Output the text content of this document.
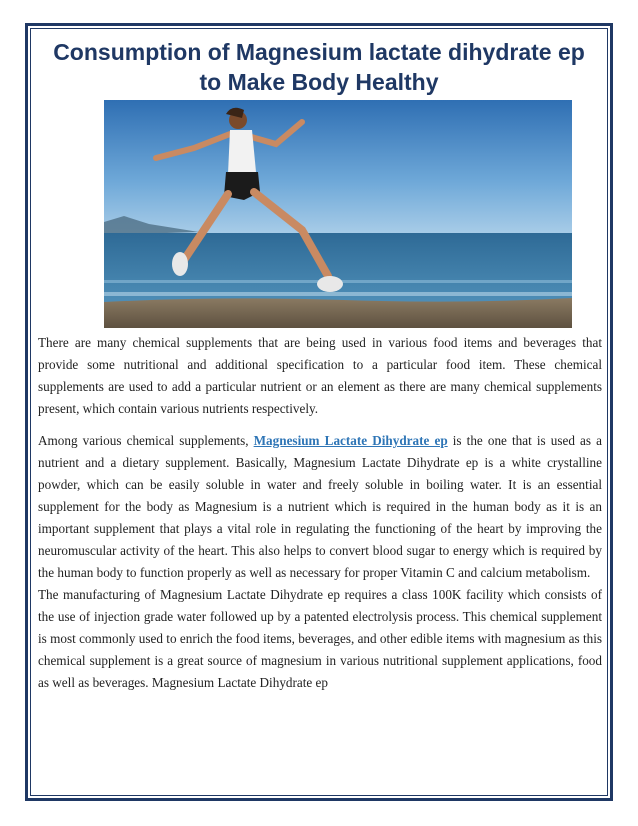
Consumption of Magnesium lactate dihydrate ep to Make Body Healthy

There are many chemical supplements that are being used in various food items and beverages that provide some nutritional and additional specification to a particular food item. These chemical supplements are used to add a particular nutrient or an element as there are many chemical supplements present, which contain various nutrients respectively.

Among various chemical supplements, Magnesium Lactate Dihydrate ep is the one that is used as a nutrient and a dietary supplement. Basically, Magnesium Lactate Dihydrate ep is a white crystalline powder, which can be easily soluble in water and freely soluble in boiling water. It is an essential supplement for the body as Magnesium is a nutrient which is required in the human body as it is an important supplement that plays a vital role in regulating the functioning of the heart by improving the neuromuscular activity of the heart. This also helps to convert blood sugar to energy which is required by the human body to function properly as well as necessary for proper Vitamin C and calcium metabolism.

The manufacturing of Magnesium Lactate Dihydrate ep requires a class 100K facility which consists of the use of injection grade water followed up by a patented electrolysis process. This chemical supplement is most commonly used to enrich the food items, beverages, and other edible items with magnesium as this chemical supplement is a great source of magnesium in various nutritional supplement applications, food as well as beverages. Magnesium Lactate Dihydrate ep
